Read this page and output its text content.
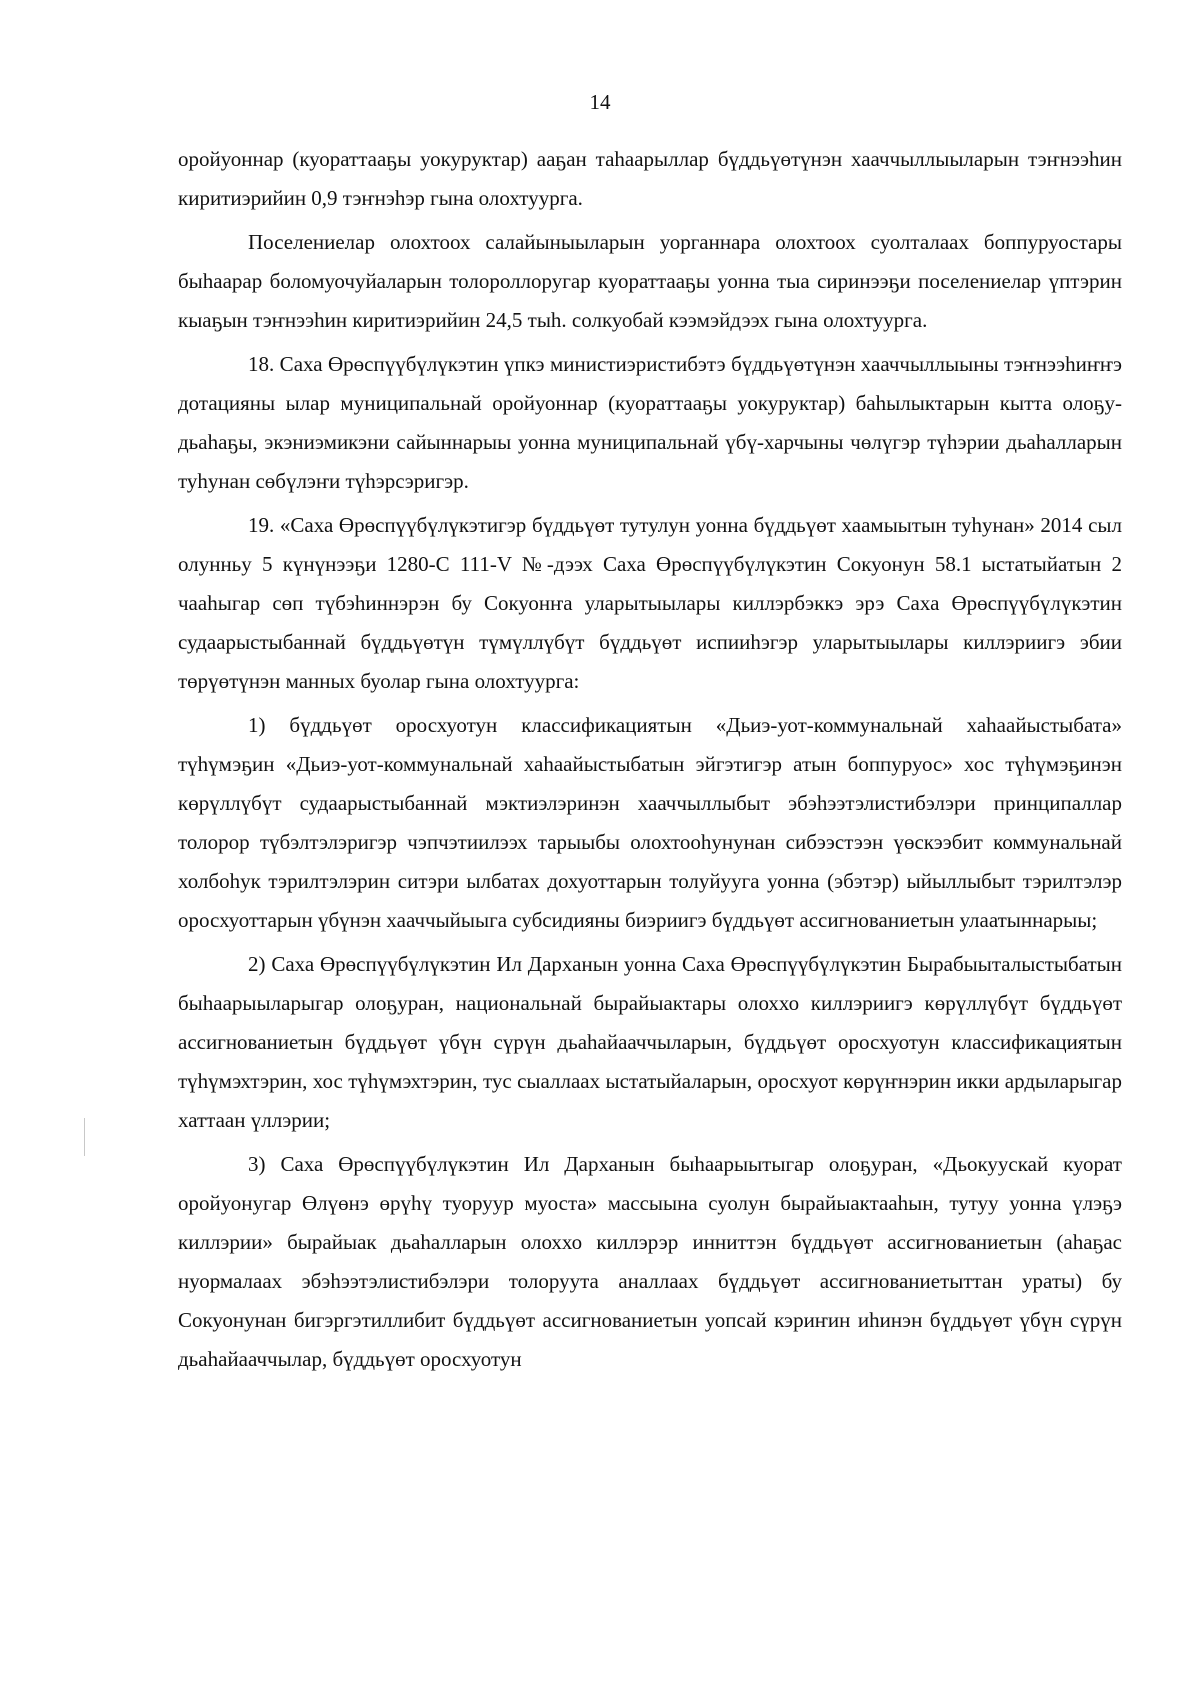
14

оройуоннар (куораттааҕы уокуруктар) ааҕан таһаарыллар бүддьүөтүнэн хааччыллыыларын тэҥнээһин киритиэрийин 0,9 тэҥнэһэр гына олохтуурга.

Поселениелар олохтоох салайыныыларын уорганнара олохтоох суолталаах боппуруостары быһаарар боломуочуйаларын толороллоругар куораттааҕы уонна тыа сиринээҕи поселениелар үптэрин кыаҕын тэҥнээһин киритиэрийин 24,5 тыһ. солкуобай кээмэйдээх гына олохтуурга.

18. Саха Өрөспүүбүлүкэтин үпкэ министиэристибэтэ бүддьүөтүнэн хааччыллыыны тэҥнээһиҥҥэ дотацияны ылар муниципальнай оройуоннар (куораттааҕы уокуруктар) баһылыктарын кытта олоҕу-дьаһаҕы, экэниэмикэни сайыннарыы уонна муниципальнай үбү-харчыны чөлүгэр түһэрии дьаһалларын туһунан сөбүлэҥи түһэрсэригэр.

19. «Саха Өрөспүүбүлүкэтигэр бүддьүөт тутулун уонна бүддьүөт хаамыытын туһунан» 2014 сыл олунньу 5 күнүнээҕи 1280-С 111-V №-дээх Саха Өрөспүүбүлүкэтин Сокуонун 58.1 ыстатыйатын 2 чааһыгар сөп түбэһиннэрэн бу Сокуонҥа уларытыылары киллэрбэккэ эрэ Саха Өрөспүүбүлүкэтин судаарыстыбаннай бүддьүөтүн түмүллүбүт бүддьүөт испииһэгэр уларытыылары киллэриигэ эбии төрүөтүнэн манных буолар гына олохтуурга:

1) бүддьүөт оросхуотун классификациятын «Дьиэ-уот-коммунальнай хаһаайыстыбата» түһүмэҕин «Дьиэ-уот-коммунальнай хаһаайыстыбатын эйгэтигэр атын боппуруос» хос түһүмэҕинэн көрүллүбүт судаарыстыбаннай мэктиэлэринэн хааччыллыбыт эбэһээтэлистибэлэри принципаллар толорор түбэлтэлэригэр чэпчэтиилээх тарыыбы олохтооһунунан сибээстээн үөскээбит коммунальнай холбоһук тэрилтэлэрин ситэри ылбатах дохуоттарын толуйууга уонна (эбэтэр) ыйыллыбыт тэрилтэлэр оросхуоттарын үбүнэн хааччыйыыга субсидияны биэриигэ бүддьүөт ассигнованиетын улаатыннарыы;

2) Саха Өрөспүүбүлүкэтин Ил Дарханын уонна Саха Өрөспүүбүлүкэтин Бырабыыталыстыбатын быһаарыыларыгар олоҕуран, национальнай бырайыактары олоххо киллэриигэ көрүллүбүт бүддьүөт ассигнованиетын бүддьүөт үбүн сүрүн дьаһайааччыларын, бүддьүөт оросхуотун классификациятын түһүмэхтэрин, хос түһүмэхтэрин, тус сыаллаах ыстатыйаларын, оросхуот көрүҥнэрин икки ардыларыгар хаттаан үллэрии;

3) Саха Өрөспүүбүлүкэтин Ил Дарханын быһаарыытыгар олоҕуран, «Дьокуускай куорат оройуонугар Өлүөнэ өрүһү туоруур муоста» массыына суолун бырайыактааһын, тутуу уонна үлэҕэ киллэрии» бырайыак дьаһалларын олоххо киллэрэр инниттэн бүддьүөт ассигнованиетын (аһаҕас нуормалаах эбэһээтэлистибэлэри толоруута аналлаах бүддьүөт ассигнованиетыттан ураты) бу Сокуонунан бигэргэтиллибит бүддьүөт ассигнованиетын уопсай кэриҥин иһинэн бүддьүөт үбүн сүрүн дьаһайааччылар, бүддьүөт оросхуотун
